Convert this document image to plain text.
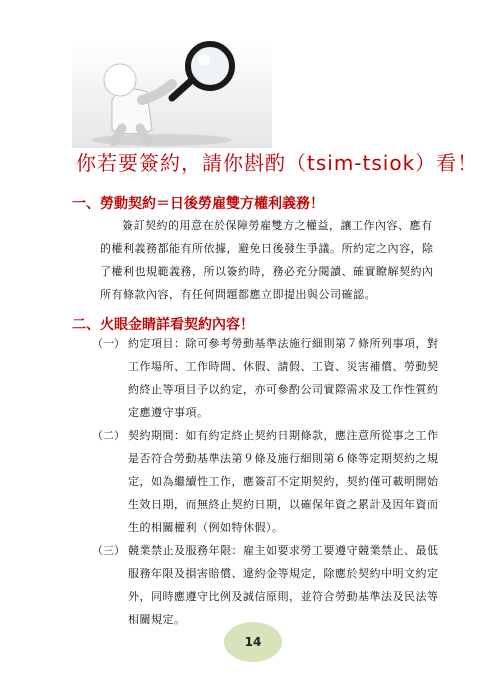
你若要簽約，請你斟酌（tsim-tsiok）看！
一、勞動契約＝日後勞雇雙方權利義務！
簽訂契約的用意在於保障勞雇雙方之權益，讓工作內容、應有
的權利義務都能有所依據，避免日後發生爭議。所約定之內容，除
了權利也規範義務，所以簽約時，務必充分閱讀、確實瞭解契約內
所有條款內容，有任何問題都應立即提出與公司確認。
二、火眼金睛詳看契約內容！
（一） 約定項目：除可參考勞動基準法施行細則第７條所列事項，對
工作場所、工作時間、休假、請假、工資、災害補償、勞動契
約終止等項目予以約定，亦可參酌公司實際需求及工作性質約
定應遵守事項。
（二） 契約期間：如有約定終止契約日期條款，應注意所從事之工作
是否符合勞動基準法第９條及施行細則第６條等定期契約之規
定，如為繼續性工作，應簽訂不定期契約，契約僅可載明開始
生效日期，而無終止契約日期，以確保年資之累計及因年資而
生的相關權利（例如特休假）。
（三） 競業禁止及服務年限：雇主如要求勞工要遵守競業禁止、最低
服務年限及損害賠償、違約金等規定，除應於契約中明文約定
外，同時應遵守比例及誠信原則，並符合勞動基準法及民法等
相關規定。
14
